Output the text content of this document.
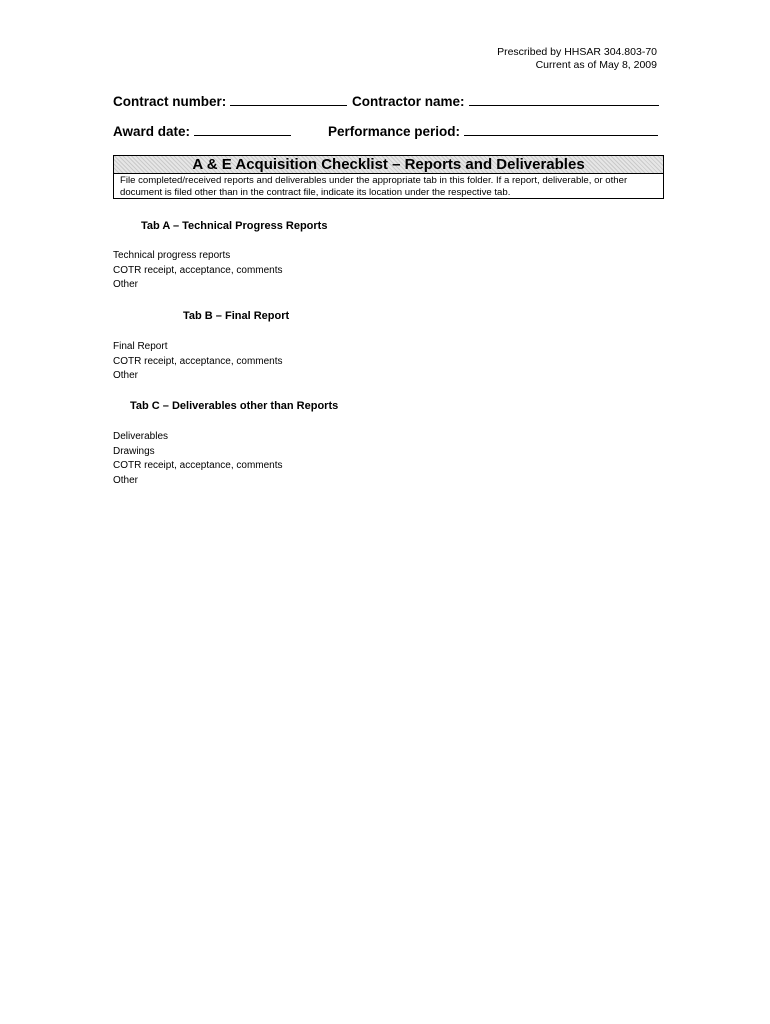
Prescribed by HHSAR 304.803-70
Current as of May 8, 2009
Contract number:	Contractor name:
Award date:	Performance period:
A & E Acquisition Checklist – Reports and Deliverables
File completed/received reports and deliverables under the appropriate tab in this folder. If a report, deliverable, or other document is filed other than in the contract file, indicate its location under the respective tab.
Tab A – Technical Progress Reports
Technical progress reports
COTR receipt, acceptance, comments
Other
Tab B – Final Report
Final Report
COTR receipt, acceptance, comments
Other
Tab C – Deliverables other than Reports
Deliverables
Drawings
COTR receipt, acceptance, comments
Other
